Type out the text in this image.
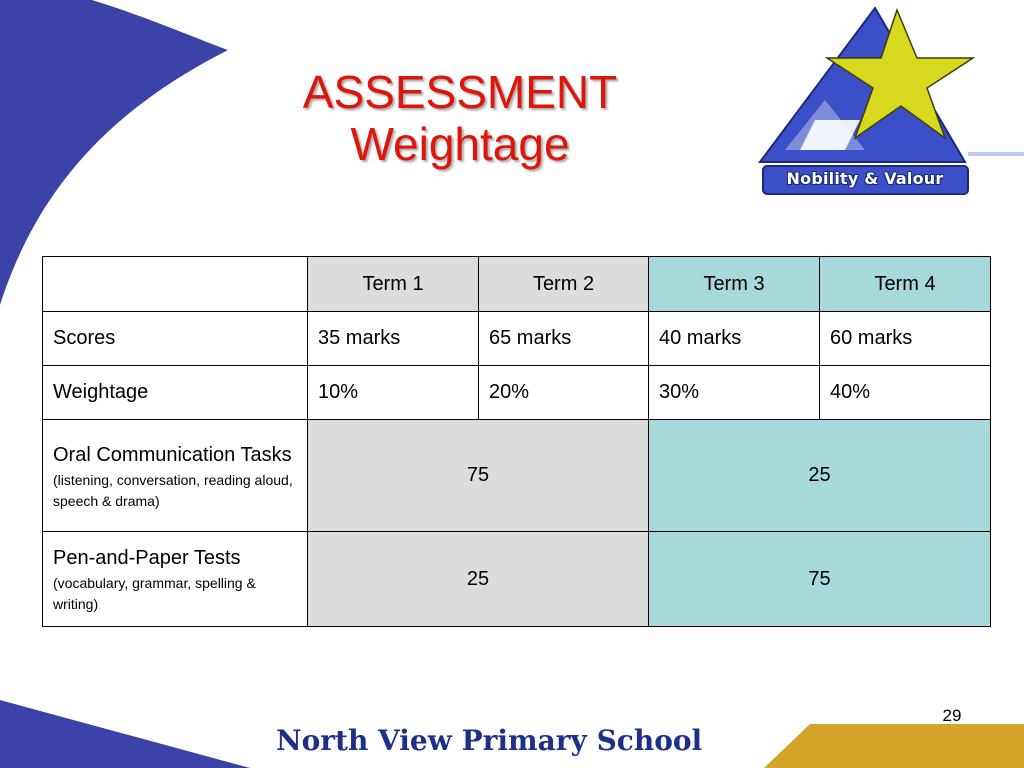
ASSESSMENT
Weightage
Nobility & Valour
	Term 1	Term 2	Term 3	Term 4
Scores	35 marks	65 marks	40 marks	60 marks
Weightage	10%	20%	30%	40%

Oral Communication Tasks
(listening, conversation, reading aloud, speech & drama)	75		25	

Pen-and-Paper Tests
(vocabulary, grammar, spelling & writing)	25		75	
29
North View Primary School
